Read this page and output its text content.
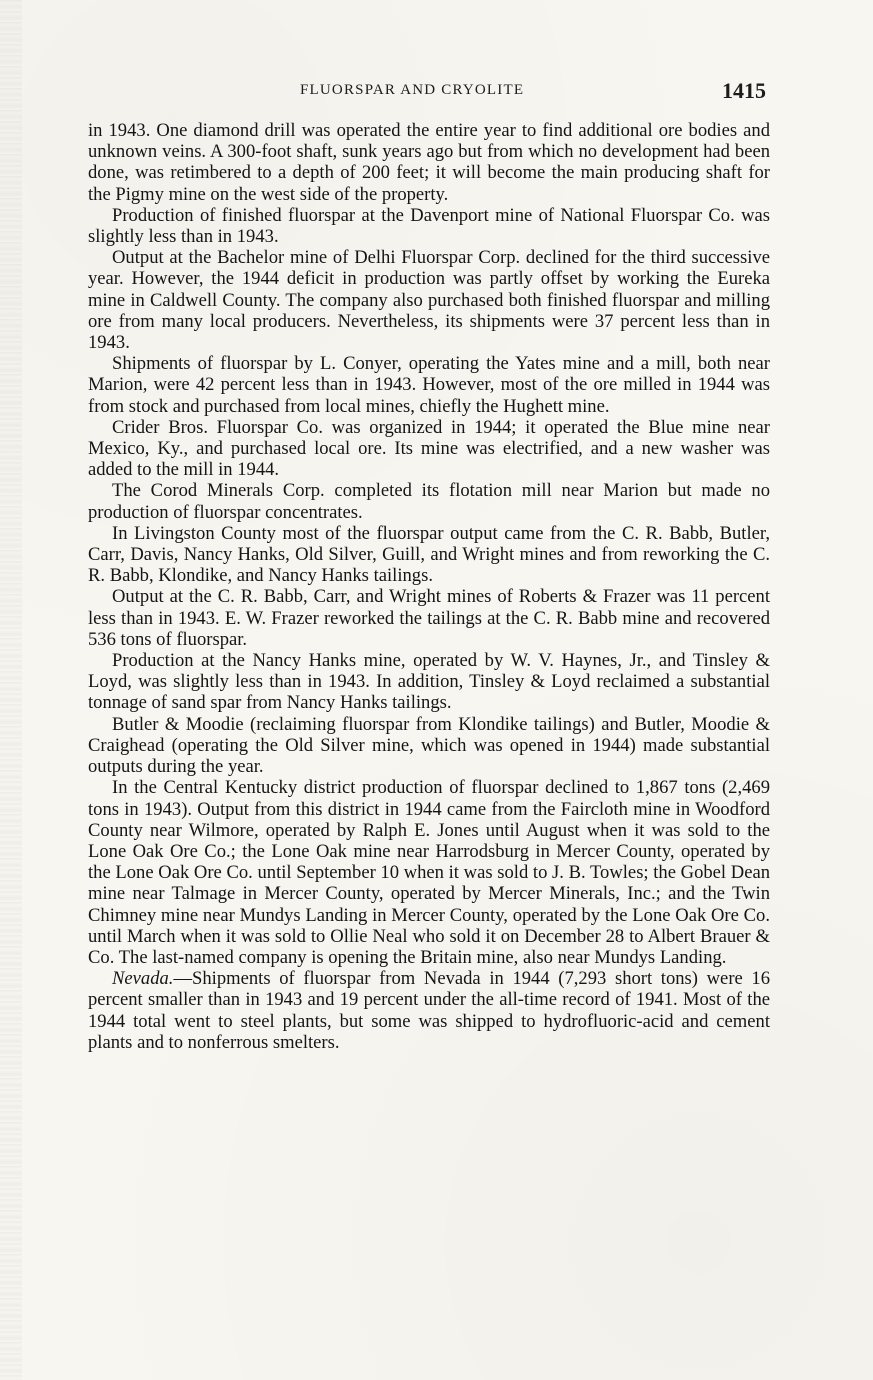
FLUORSPAR AND CRYOLITE	1415

in 1943. One diamond drill was operated the entire year to find additional ore bodies and unknown veins. A 300-foot shaft, sunk years ago but from which no development had been done, was retimbered to a depth of 200 feet; it will become the main producing shaft for the Pigmy mine on the west side of the property.

Production of finished fluorspar at the Davenport mine of National Fluorspar Co. was slightly less than in 1943.

Output at the Bachelor mine of Delhi Fluorspar Corp. declined for the third successive year. However, the 1944 deficit in production was partly offset by working the Eureka mine in Caldwell County. The company also purchased both finished fluorspar and milling ore from many local producers. Nevertheless, its shipments were 37 percent less than in 1943.

Shipments of fluorspar by L. Conyer, operating the Yates mine and a mill, both near Marion, were 42 percent less than in 1943. However, most of the ore milled in 1944 was from stock and purchased from local mines, chiefly the Hughett mine.

Crider Bros. Fluorspar Co. was organized in 1944; it operated the Blue mine near Mexico, Ky., and purchased local ore. Its mine was electrified, and a new washer was added to the mill in 1944.

The Corod Minerals Corp. completed its flotation mill near Marion but made no production of fluorspar concentrates.

In Livingston County most of the fluorspar output came from the C. R. Babb, Butler, Carr, Davis, Nancy Hanks, Old Silver, Guill, and Wright mines and from reworking the C. R. Babb, Klondike, and Nancy Hanks tailings.

Output at the C. R. Babb, Carr, and Wright mines of Roberts & Frazer was 11 percent less than in 1943. E. W. Frazer reworked the tailings at the C. R. Babb mine and recovered 536 tons of fluorspar.

Production at the Nancy Hanks mine, operated by W. V. Haynes, Jr., and Tinsley & Loyd, was slightly less than in 1943. In addition, Tinsley & Loyd reclaimed a substantial tonnage of sand spar from Nancy Hanks tailings.

Butler & Moodie (reclaiming fluorspar from Klondike tailings) and Butler, Moodie & Craighead (operating the Old Silver mine, which was opened in 1944) made substantial outputs during the year.

In the Central Kentucky district production of fluorspar declined to 1,867 tons (2,469 tons in 1943). Output from this district in 1944 came from the Faircloth mine in Woodford County near Wilmore, operated by Ralph E. Jones until August when it was sold to the Lone Oak Ore Co.; the Lone Oak mine near Harrodsburg in Mercer County, operated by the Lone Oak Ore Co. until September 10 when it was sold to J. B. Towles; the Gobel Dean mine near Talmage in Mercer County, operated by Mercer Minerals, Inc.; and the Twin Chimney mine near Mundys Landing in Mercer County, operated by the Lone Oak Ore Co. until March when it was sold to Ollie Neal who sold it on December 28 to Albert Brauer & Co. The last-named company is opening the Britain mine, also near Mundys Landing.

Nevada.—Shipments of fluorspar from Nevada in 1944 (7,293 short tons) were 16 percent smaller than in 1943 and 19 percent under the all-time record of 1941. Most of the 1944 total went to steel plants, but some was shipped to hydrofluoric-acid and cement plants and to nonferrous smelters.
